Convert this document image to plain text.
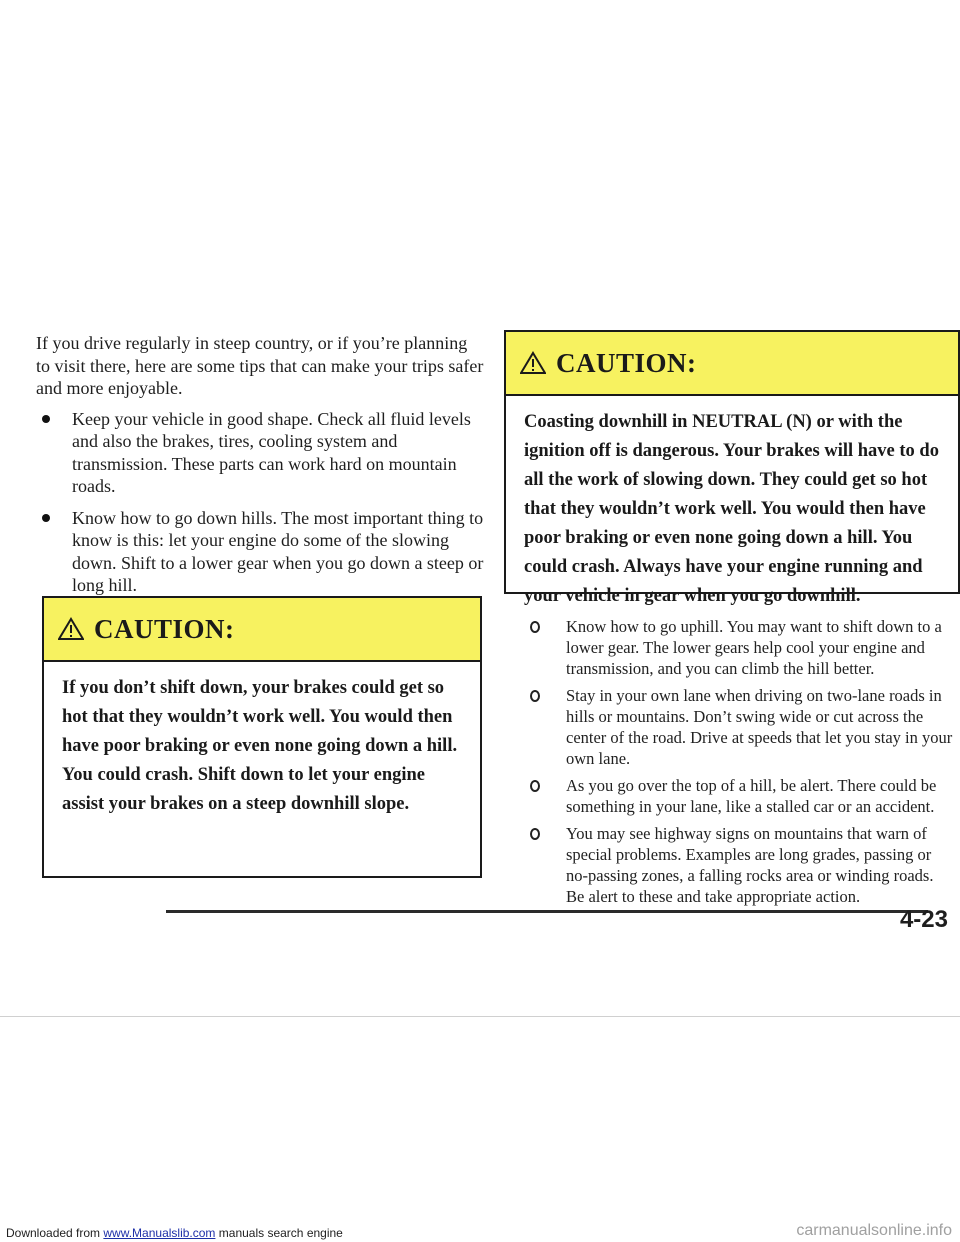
If you drive regularly in steep country, or if you’re planning to visit there, here are some tips that can make your trips safer and more enjoyable.

Keep your vehicle in good shape. Check all fluid levels and also the brakes, tires, cooling system and transmission. These parts can work hard on mountain roads.
Know how to go down hills. The most important thing to know is this: let your engine do some of the slowing down. Shift to a lower gear when you go down a steep or long hill.
CAUTION:
If you don’t shift down, your brakes could get so hot that they wouldn’t work well. You would then have poor braking or even none going down a hill. You could crash. Shift down to let your engine assist your brakes on a steep downhill slope.
CAUTION:
Coasting downhill in NEUTRAL (N) or with the ignition off is dangerous. Your brakes will have to do all the work of slowing down. They could get so hot that they wouldn’t work well. You would then have poor braking or even none going down a hill. You could crash. Always have your engine running and your vehicle in gear when you go downhill.
Know how to go uphill. You may want to shift down to a lower gear. The lower gears help cool your engine and transmission, and you can climb the hill better.
Stay in your own lane when driving on two-lane roads in hills or mountains. Don’t swing wide or cut across the center of the road. Drive at speeds that let you stay in your own lane.
As you go over the top of a hill, be alert. There could be something in your lane, like a stalled car or an accident.
You may see highway signs on mountains that warn of special problems. Examples are long grades, passing or no-passing zones, a falling rocks area or winding roads. Be alert to these and take appropriate action.
4-23
Downloaded from www.Manualslib.com manuals search engine	carmanualsonline.info
